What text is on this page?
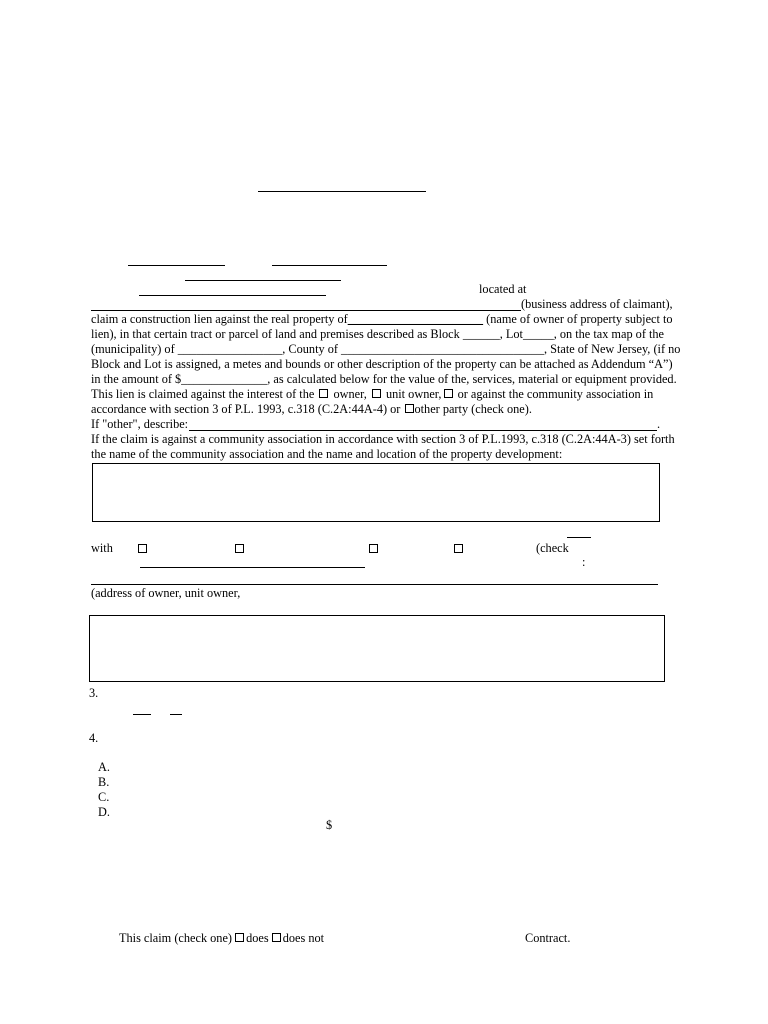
located at
(business address of claimant),
claim a construction lien against the real property of______________________ (name of owner of property subject to
lien), in that certain tract or parcel of land and premises described as Block ______, Lot_____, on the tax map of the
(municipality) of _________________, County of _________________________________, State of New Jersey, (if no
Block and Lot is assigned, a metes and bounds or other description of the property can be attached as Addendum “A”)
in the amount of $______________, as calculated below for the value of the, services, material or equipment provided.
This lien is claimed against the interest of the owner, unit owner, or against the community association in
accordance with section 3 of P.L. 1993, c.318 (C.2A:44A-4) or other party (check one).
If "other", describe:	.
If the claim is against a community association in accordance with section 3 of P.L.1993, c.318 (C.2A:44A-3) set forth
the name of the community association and the name and location of the property development:
with	(check
:
(address of owner, unit owner,
3.
4.
A.
B.
C.
D.
$
This claim (check one) does does not	Contract.
